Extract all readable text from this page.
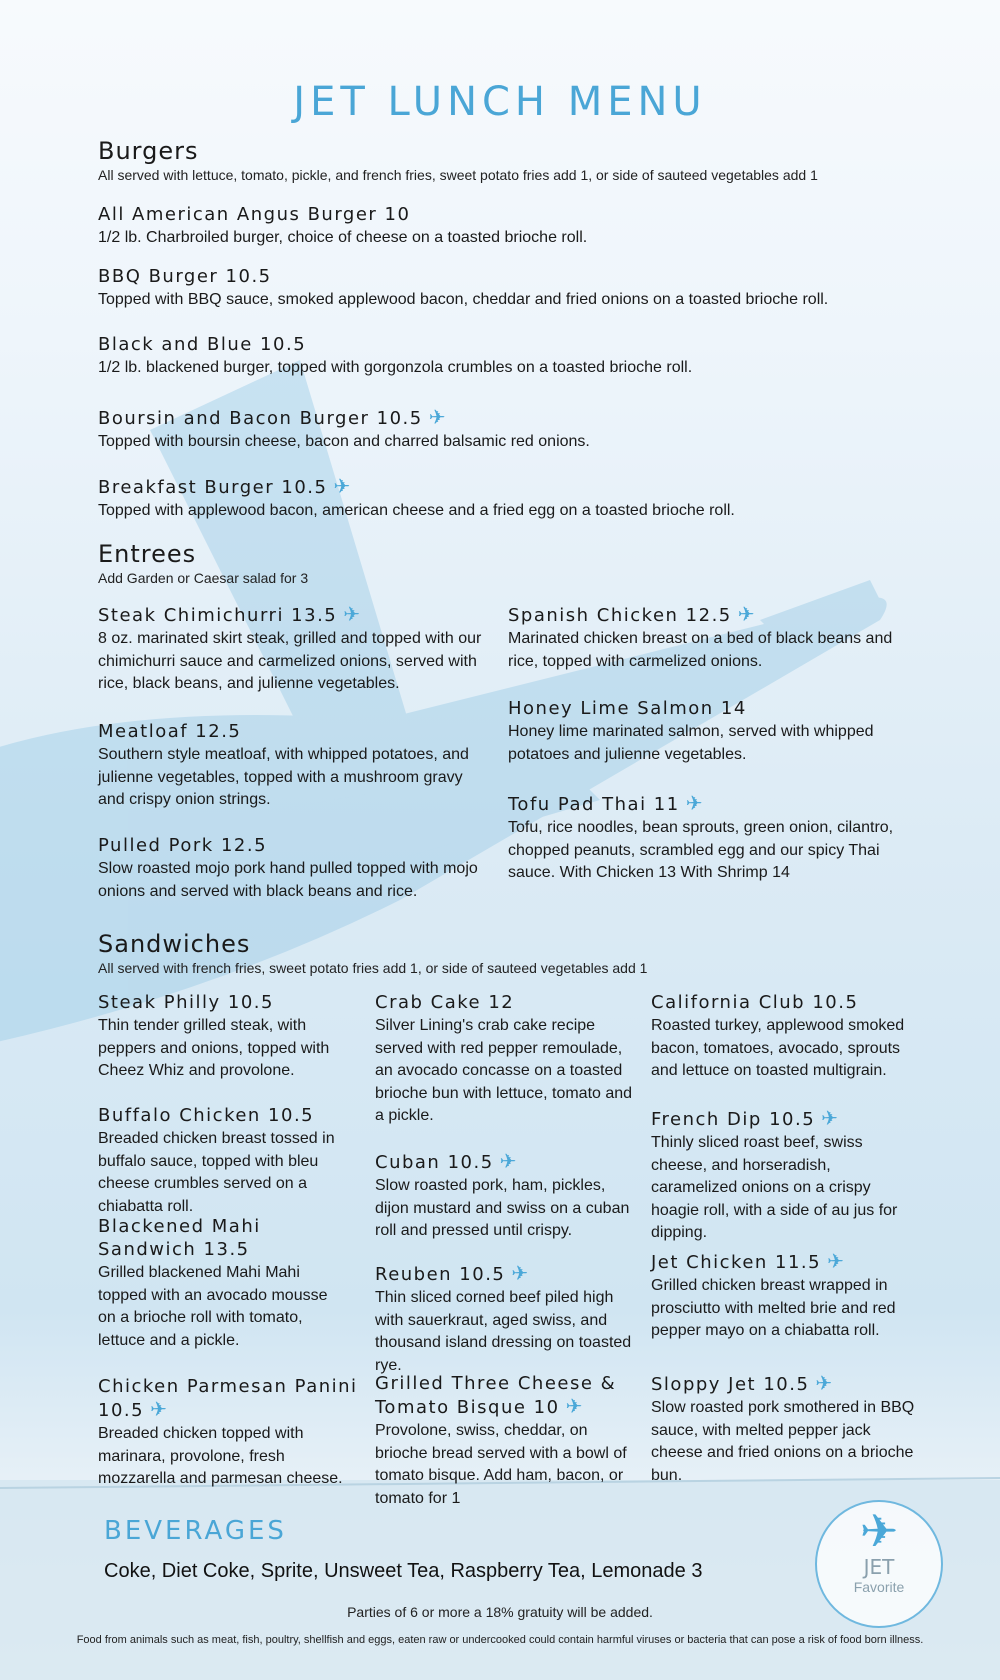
JET LUNCH MENU
Burgers

All served with lettuce, tomato, pickle, and french fries, sweet potato fries add 1, or side of sauteed vegetables add 1

All American Angus Burger 10
1/2 lb. Charbroiled burger, choice of cheese on a toasted brioche roll.
BBQ Burger 10.5
Topped with BBQ sauce, smoked applewood bacon, cheddar and fried onions on a toasted brioche roll.
Black and Blue 10.5
1/2 lb. blackened burger, topped with gorgonzola crumbles on a toasted brioche roll.
Boursin and Bacon Burger 10.5 ✈
Topped with boursin cheese, bacon and charred balsamic red onions.
Breakfast Burger 10.5 ✈
Topped with applewood bacon, american cheese and a fried egg on a toasted brioche roll.
Entrees

Add Garden or Caesar salad for 3

Steak Chimichurri 13.5 ✈
8 oz. marinated skirt steak, grilled and topped with our chimichurri sauce and carmelized onions, served with rice, black beans, and julienne vegetables.
Meatloaf 12.5
Southern style meatloaf, with whipped potatoes, and julienne vegetables, topped with a mushroom gravy and crispy onion strings.
Pulled Pork 12.5
Slow roasted mojo pork hand pulled topped with mojo onions and served with black beans and rice.
Spanish Chicken 12.5 ✈
Marinated chicken breast on a bed of black beans and rice, topped with carmelized onions.
Honey Lime Salmon 14
Honey lime marinated salmon, served with whipped potatoes and julienne vegetables.
Tofu Pad Thai 11 ✈
Tofu, rice noodles, bean sprouts, green onion, cilantro, chopped peanuts, scrambled egg and our spicy Thai sauce. With Chicken 13 With Shrimp 14
Sandwiches

All served with french fries, sweet potato fries add 1, or side of sauteed vegetables add 1

Steak Philly 10.5
Thin tender grilled steak, with peppers and onions, topped with Cheez Whiz and provolone.
Buffalo Chicken 10.5
Breaded chicken breast tossed in buffalo sauce, topped with bleu cheese crumbles served on a chiabatta roll.
Blackened Mahi Sandwich 13.5
Grilled blackened Mahi Mahi topped with an avocado mousse on a brioche roll with tomato, lettuce and a pickle.
Chicken Parmesan Panini 10.5 ✈
Breaded chicken topped with marinara, provolone, fresh mozzarella and parmesan cheese.
Crab Cake 12
Silver Lining's crab cake recipe served with red pepper remoulade, an avocado concasse on a toasted brioche bun with lettuce, tomato and a pickle.
Cuban 10.5 ✈
Slow roasted pork, ham, pickles, dijon mustard and swiss on a cuban roll and pressed until crispy.
Reuben 10.5 ✈
Thin sliced corned beef piled high with sauerkraut, aged swiss, and thousand island dressing on toasted rye.
Grilled Three Cheese & Tomato Bisque 10 ✈
Provolone, swiss, cheddar, on brioche bread served with a bowl of tomato bisque. Add ham, bacon, or tomato for 1
California Club 10.5
Roasted turkey, applewood smoked bacon, tomatoes, avocado, sprouts and lettuce on toasted multigrain.
French Dip 10.5 ✈
Thinly sliced roast beef, swiss cheese, and horseradish, caramelized onions on a crispy hoagie roll, with a side of au jus for dipping.
Jet Chicken 11.5 ✈
Grilled chicken breast wrapped in prosciutto with melted brie and red pepper mayo on a chiabatta roll.
Sloppy Jet 10.5 ✈
Slow roasted pork smothered in BBQ sauce, with melted pepper jack cheese and fried onions on a brioche bun.
BEVERAGES
Coke, Diet Coke, Sprite, Unsweet Tea, Raspberry Tea, Lemonade 3
✈
JET
Favorite
Parties of 6 or more a 18% gratuity will be added.
Food from animals such as meat, fish, poultry, shellfish and eggs, eaten raw or undercooked could contain harmful viruses or bacteria that can pose a risk of food born illness.
